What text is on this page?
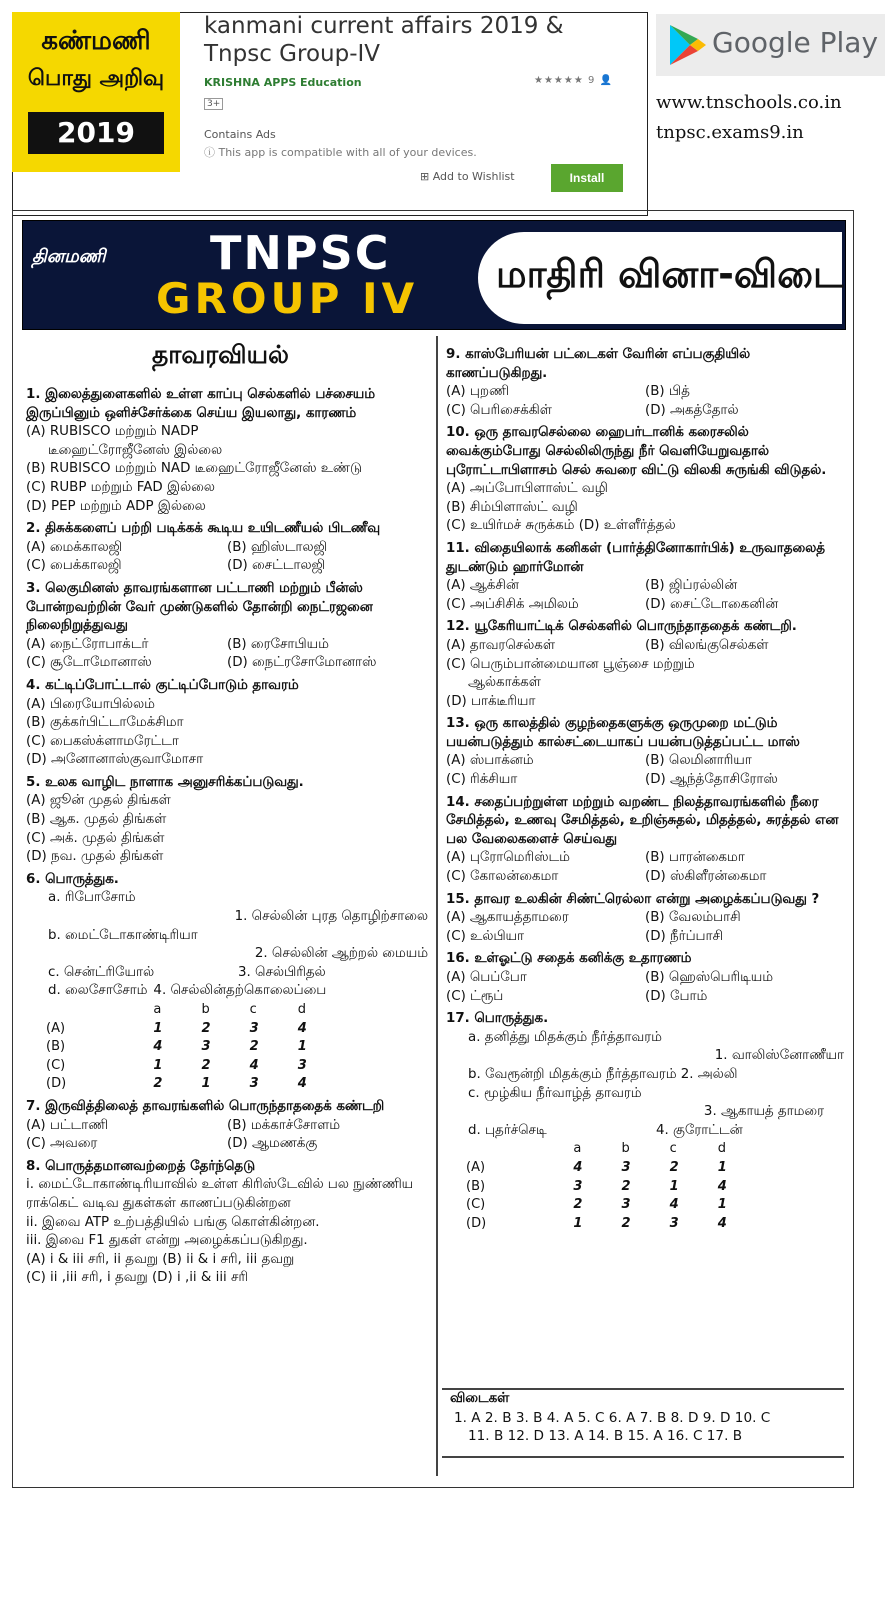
கண்மணி
பொது அறிவு
2019
kanmani current affairs 2019 & Tnpsc Group-IV
KRISHNA APPS Education	★★★★★ 9 👤
3+
Contains Ads
ⓘ This app is compatible with all of your devices.
⊞ Add to Wishlist	Install
Google Play
www.tnschools.co.in
tnpsc.exams9.in
தினமணி TNPSC
GROUP IV மாதிரி வினா-விடை
தாவரவியல்
1. இலைத்துளைகளில் உள்ள காப்பு செல்களில் பச்சையம் இருப்பினும் ஒளிச்சேர்க்கை செய்ய இயலாது, காரணம்
(A) RUBISCO மற்றும் NADP
டீஹைட்ரோஜீனேஸ் இல்லை
(B) RUBISCO மற்றும் NAD டீஹைட்ரோஜீனேஸ் உண்டு
(C) RUBP மற்றும் FAD இல்லை
(D) PEP மற்றும் ADP இல்லை
2. திசுக்களைப் பற்றி படிக்கக் கூடிய உயிடணீயல் பிடணீவு
(A) மைக்காலஜி	(B) ஹிஸ்டாலஜி
(C) பைக்காலஜி	(D) சைட்டாலஜி
3. லெகுமினஸ் தாவரங்களான பட்டாணி மற்றும் பீன்ஸ் போன்றவற்றின் வேர் முண்டுகளில் தோன்றி நைட்ரஜனை நிலைநிறுத்துவது
(A) நைட்ரோபாக்டர்	(B) ரைசோபியம்
(C) சூடோமோனாஸ்	(D) நைட்ரசோமோனாஸ்
4. கட்டிப்போட்டால் குட்டிப்போடும் தாவரம்
(A) பிரையோபில்லம்
(B) குக்கர்பிட்டாமேக்சிமா
(C) பைகஸ்க்ளாமரேட்டா
(D) அனோனாஸ்குவாமோசா
5. உலக வாழிட நாளாக அனுசரிக்கப்படுவது.
(A) ஜூன் முதல் திங்கள்
(B) ஆக. முதல் திங்கள்
(C) அக். முதல் திங்கள்
(D) நவ. முதல் திங்கள்
6. பொருத்துக.
a. ரிபோசோம்
1. செல்லின் புரத தொழிற்சாலை
b. மைட்டோகாண்டிரியா
2. செல்லின் ஆற்றல் மையம்
c. சென்ட்ரியோல்	3. செல்பிரிதல்
d. லைசோசோம் 4. செல்லின்தற்கொலைப்பை
	a	b	c	d
(A)	1	2	3	4
(B)	4	3	2	1
(C)	1	2	4	3
(D)	2	1	3	4
7. இருவித்திலைத் தாவரங்களில் பொருந்தாததைக் கண்டறி
(A) பட்டாணி	(B) மக்காச்சோளம்
(C) அவரை	(D) ஆமணக்கு
8. பொருத்தமானவற்றைத் தேர்ந்தெடு
i. மைட்டோகாண்டிரியாவில் உள்ள கிரிஸ்டேவில் பல நுண்ணிய ராக்கெட் வடிவ துகள்கள் காணப்படுகின்றன
ii. இவை ATP உற்பத்தியில் பங்கு கொள்கின்றன.
iii. இவை F1 துகள் என்று அழைக்கப்படுகிறது.
(A) i & iii சரி, ii தவறு (B) ii & i சரி, iii தவறு
(C) ii ,iii சரி, i தவறு (D) i ,ii & iii சரி
9. காஸ்பேரியன் பட்டைகள் வேரின் எப்பகுதியில் காணப்படுகிறது.
(A) புறணி	(B) பித்
(C) பெரிசைக்கிள்	(D) அகத்தோல்
10. ஒரு தாவரசெல்லை ஹைபர்டானிக் கரைசலில் வைக்கும்போது செல்லிலிருந்து நீர் வெளியேறுவதால் புரோட்டாபிளாசம் செல் சுவரை விட்டு விலகி சுருங்கி விடுதல்.
(A) அப்போபிளாஸ்ட் வழி
(B) சிம்பிளாஸ்ட் வழி
(C) உயிர்மச் சுருக்கம் (D) உள்ளீர்த்தல்
11. விதையிலாக் கனிகள் (பார்த்தினோகார்பிக்) உருவாதலைத் துடண்டும் ஹார்மோன்
(A) ஆக்சின்	(B) ஜிப்ரல்லின்
(C) அப்சிசிக் அமிலம்	(D) சைட்டோகைனின்
12. யூகேரியாட்டிக் செல்களில் பொருந்தாததைக் கண்டறி.
(A) தாவரசெல்கள்	(B) விலங்குசெல்கள்
(C) பெரும்பான்மையான பூஞ்சை மற்றும்
ஆல்காக்கள்
(D) பாக்டீரியா
13. ஒரு காலத்தில் குழந்தைகளுக்கு ஒருமுறை மட்டும் பயன்படுத்தும் கால்சட்டையாகப் பயன்படுத்தப்பட்ட மாஸ்
(A) ஸ்பாக்னம்	(B) லெமினாரியா
(C) ரிக்சியா	(D) ஆந்த்தோசிரோஸ்
14. சதைப்பற்றுள்ள மற்றும் வறண்ட நிலத்தாவரங்களில் நீரை சேமித்தல், உணவு சேமித்தல், உறிஞ்சுதல், மிதத்தல், சுரத்தல் என பல வேலைகளைச் செய்வது
(A) புரோமெரிஸ்டம்	(B) பாரன்கைமா
(C) கோலன்கைமா	(D) ஸ்கிளீரன்கைமா
15. தாவர உலகின் சிண்ட்ரெல்லா என்று அழைக்கப்படுவது ?
(A) ஆகாயத்தாமரை	(B) வேலம்பாசி
(C) உல்பியா	(D) நீர்ப்பாசி
16. உள்ஓட்டு சதைக் கனிக்கு உதாரணம்
(A) பெப்போ	(B) ஹெஸ்பெரிடியம்
(C) ட்ரூப்	(D) போம்
17. பொருத்துக.
a. தனித்து மிதக்கும் நீர்த்தாவரம்
1. வாலிஸ்னோணீயா
b. வேரூன்றி மிதக்கும் நீர்த்தாவரம் 2. அல்லி
c. மூழ்கிய நீர்வாழ்த் தாவரம்
3. ஆகாயத் தாமரை
d. புதர்ச்செடி	4. குரோட்டன்
	a	b	c	d
(A)	4	3	2	1
(B)	3	2	1	4
(C)	2	3	4	1
(D)	1	2	3	4
விடைகள்
1. A 2. B 3. B 4. A 5. C 6. A 7. B 8. D 9. D 10. C
11. B 12. D 13. A 14. B 15. A 16. C 17. B
